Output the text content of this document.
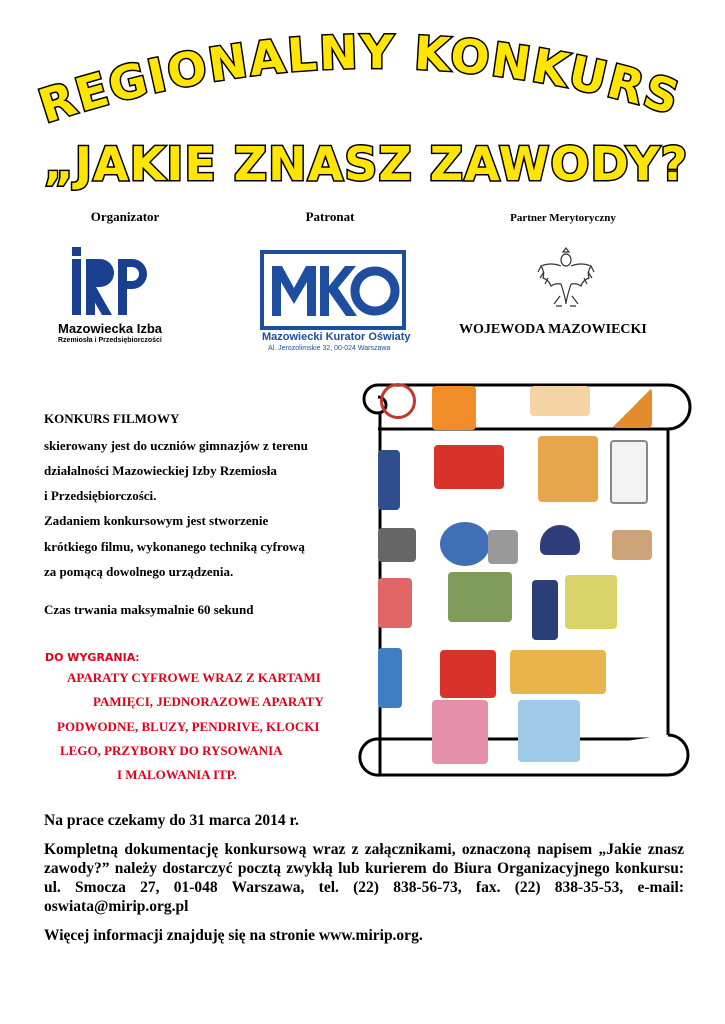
REGIONALNY KONKURS
„JAKIE ZNASZ ZAWODY?
Organizator	Patronat	Partner Merytoryczny
Mazowiecka Izba
Rzemiosła i Przedsiębiorczości	Mazowiecki Kurator Oświaty
Al. Jerozolimskie 32, 00-024 Warszawa
WOJEWODA MAZOWIECKI
KONKURS FILMOWY
skierowany jest do uczniów gimnazjów z terenu
działalności Mazowieckiej Izby Rzemiosła
i Przedsiębiorczości.
Zadaniem konkursowym jest stworzenie
krótkiego filmu, wykonanego techniką cyfrową
za pomącą dowolnego urządzenia.
Czas trwania maksymalnie 60 sekund
DO WYGRANIA:
APARATY CYFROWE WRAZ Z KARTAMI
PAMIĘCI, JEDNORAZOWE APARATY
PODWODNE, BLUZY, PENDRIVE, KLOCKI
LEGO, PRZYBORY DO RYSOWANIA
I MALOWANIA ITP.
Na prace czekamy do 31 marca 2014 r.
Kompletną dokumentację konkursową wraz z załącznikami, oznaczoną napisem „Jakie znasz zawody?” należy dostarczyć pocztą zwykłą lub kurierem do Biura Organizacyjnego konkursu: ul. Smocza 27, 01-048 Warszawa, tel. (22) 838-56-73, fax. (22) 838-35-53, e-mail: oswiata@mirip.org.pl
Więcej informacji znajduję się na stronie www.mirip.org.
